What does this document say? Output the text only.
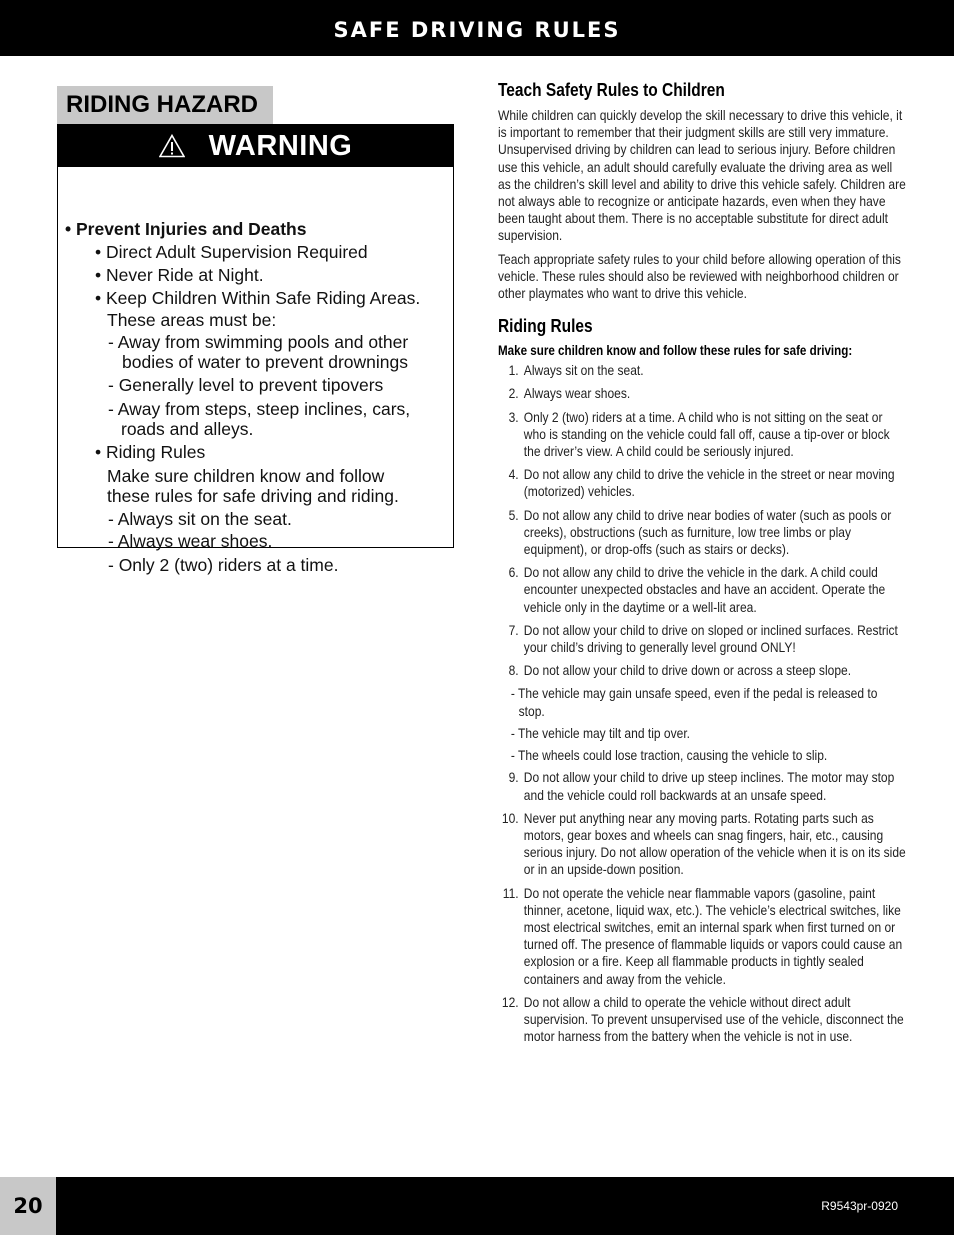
SAFE DRIVING RULES
RIDING HAZARD
WARNING
• Prevent Injuries and Deaths
• Direct Adult Supervision Required
• Never Ride at Night.
• Keep Children Within Safe Riding Areas.
These areas must be:
- Away from swimming pools and other
bodies of water to prevent drownings
- Generally level to prevent tipovers
- Away from steps, steep inclines, cars,
roads and alleys.
• Riding Rules
Make sure children know and follow
these rules for safe driving and riding.
- Always sit on the seat.
- Always wear shoes.
- Only 2 (two) riders at a time.
Teach Safety Rules to Children

While children can quickly develop the skill necessary to drive this vehicle, it is important to remember that their judgment skills are still very immature. Unsupervised driving by children can lead to serious injury. Before children use this vehicle, an adult should carefully evaluate the driving area as well as the children’s skill level and ability to drive this vehicle safely. Children are not always able to recognize or anticipate hazards, even when they have been taught about them. There is no acceptable substitute for direct adult supervision.

Teach appropriate safety rules to your child before allowing operation of this vehicle. These rules should also be reviewed with neighborhood children or other playmates who want to drive this vehicle.

Riding Rules
Make sure children know and follow these rules for safe driving:
1. Always sit on the seat.
2. Always wear shoes.
3. Only 2 (two) riders at a time. A child who is not sitting on the seat or who is standing on the vehicle could fall off, cause a tip-over or block the driver’s view. A child could be seriously injured.
4. Do not allow any child to drive the vehicle in the street or near moving (motorized) vehicles.
5. Do not allow any child to drive near bodies of water (such as pools or creeks), obstructions (such as furniture, low tree limbs or play equipment), or drop-offs (such as stairs or decks).
6. Do not allow any child to drive the vehicle in the dark. A child could encounter unexpected obstacles and have an accident. Operate the vehicle only in the daytime or a well-lit area.
7. Do not allow your child to drive on sloped or inclined surfaces. Restrict your child’s driving to generally level ground ONLY!
8. Do not allow your child to drive down or across a steep slope.
- The vehicle may gain unsafe speed, even if the pedal is released to stop.
- The vehicle may tilt and tip over.
- The wheels could lose traction, causing the vehicle to slip.
9. Do not allow your child to drive up steep inclines. The motor may stop and the vehicle could roll backwards at an unsafe speed.
10. Never put anything near any moving parts. Rotating parts such as motors, gear boxes and wheels can snag fingers, hair, etc., causing serious injury. Do not allow operation of the vehicle when it is on its side or in an upside-down position.
11. Do not operate the vehicle near flammable vapors (gasoline, paint thinner, acetone, liquid wax, etc.). The vehicle’s electrical switches, like most electrical switches, emit an internal spark when first turned on or turned off. The presence of flammable liquids or vapors could cause an explosion or a fire. Keep all flammable products in tightly sealed containers and away from the vehicle.
12. Do not allow a child to operate the vehicle without direct adult supervision. To prevent unsupervised use of the vehicle, disconnect the motor harness from the battery when the vehicle is not in use.
20	R9543pr-0920
